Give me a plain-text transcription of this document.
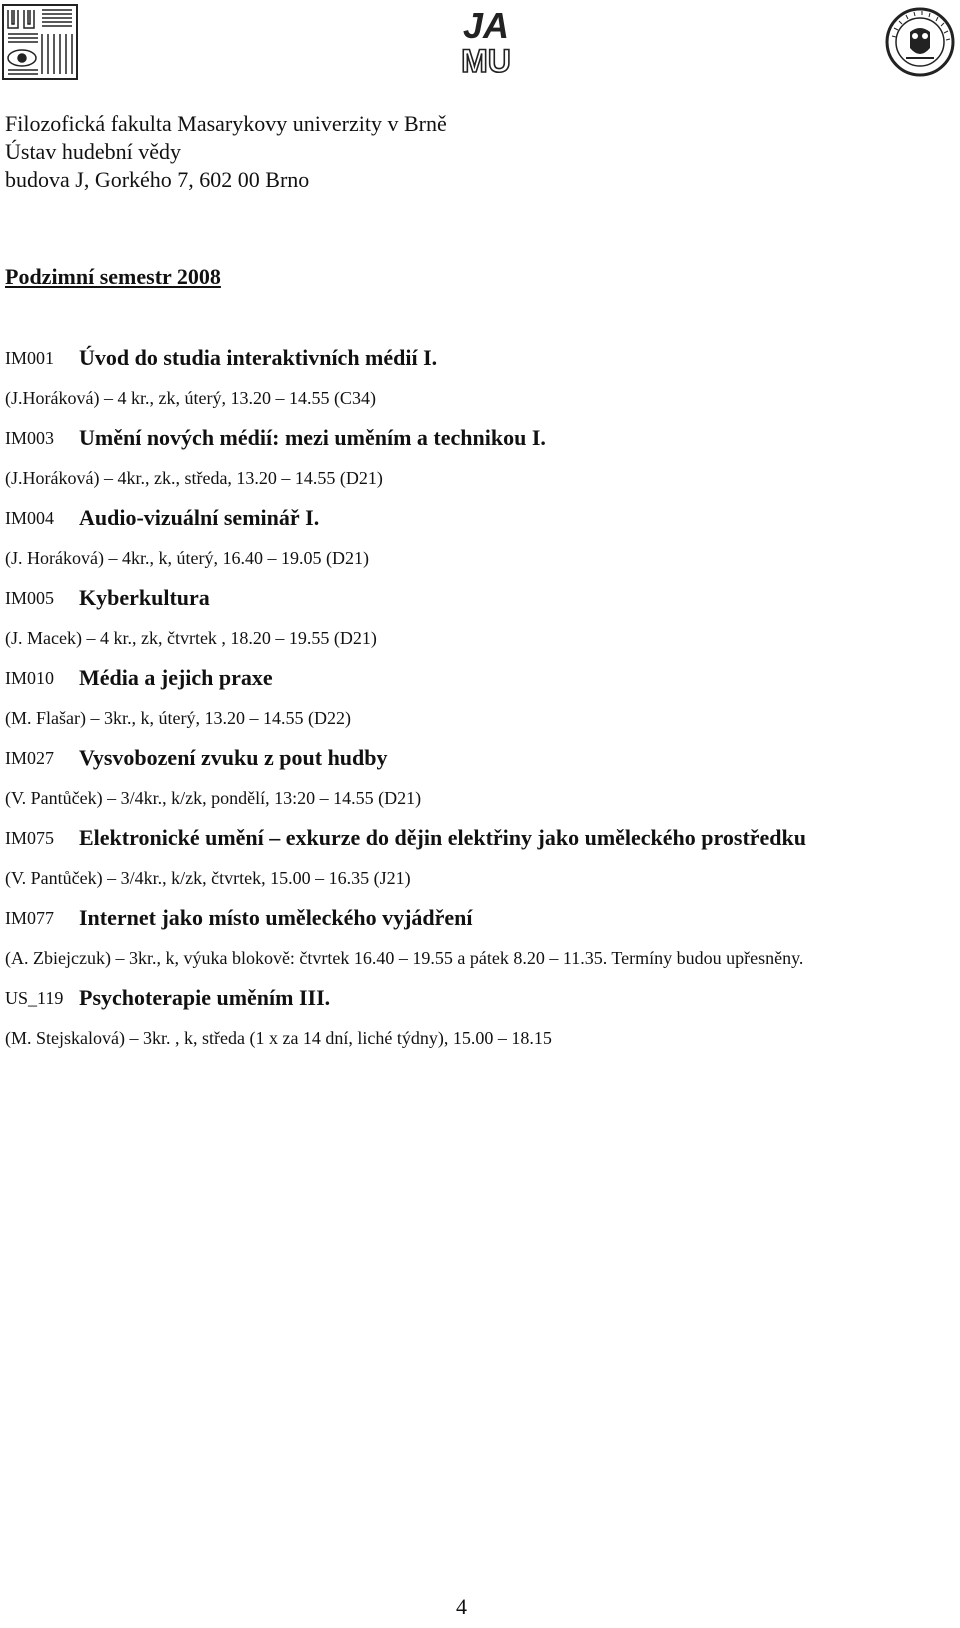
JA
MU
Filozofická fakulta Masarykovy univerzity v Brně
Ústav hudební vědy
budova J, Gorkého 7, 602 00 Brno
Podzimní semestr 2008
IM001	Úvod do studia interaktivních médií I.
(J.Horáková) – 4 kr., zk, úterý, 13.20 – 14.55 (C34)
IM003	Umění nových médií: mezi uměním a technikou I.
(J.Horáková) – 4kr., zk., středa, 13.20 – 14.55 (D21)
IM004	Audio-vizuální seminář I.
(J. Horáková) – 4kr., k, úterý, 16.40 – 19.05 (D21)
IM005	Kyberkultura
(J. Macek) – 4 kr., zk, čtvrtek , 18.20 – 19.55 (D21)
IM010	Média a jejich praxe
(M. Flašar) – 3kr., k, úterý, 13.20 – 14.55 (D22)
IM027	Vysvobození zvuku z pout hudby
(V. Pantůček) – 3/4kr., k/zk, pondělí, 13:20 – 14.55 (D21)
IM075	Elektronické umění – exkurze do dějin elektřiny jako uměleckého prostředku
(V. Pantůček) – 3/4kr., k/zk, čtvrtek, 15.00 – 16.35 (J21)
IM077	Internet jako místo uměleckého vyjádření
(A. Zbiejczuk) – 3kr., k, výuka blokově: čtvrtek 16.40 – 19.55 a pátek 8.20 – 11.35. Termíny budou upřesněny.
US_119 Psychoterapie uměním III.
(M. Stejskalová) – 3kr. , k, středa (1 x za 14 dní, liché týdny), 15.00 – 18.15
4
